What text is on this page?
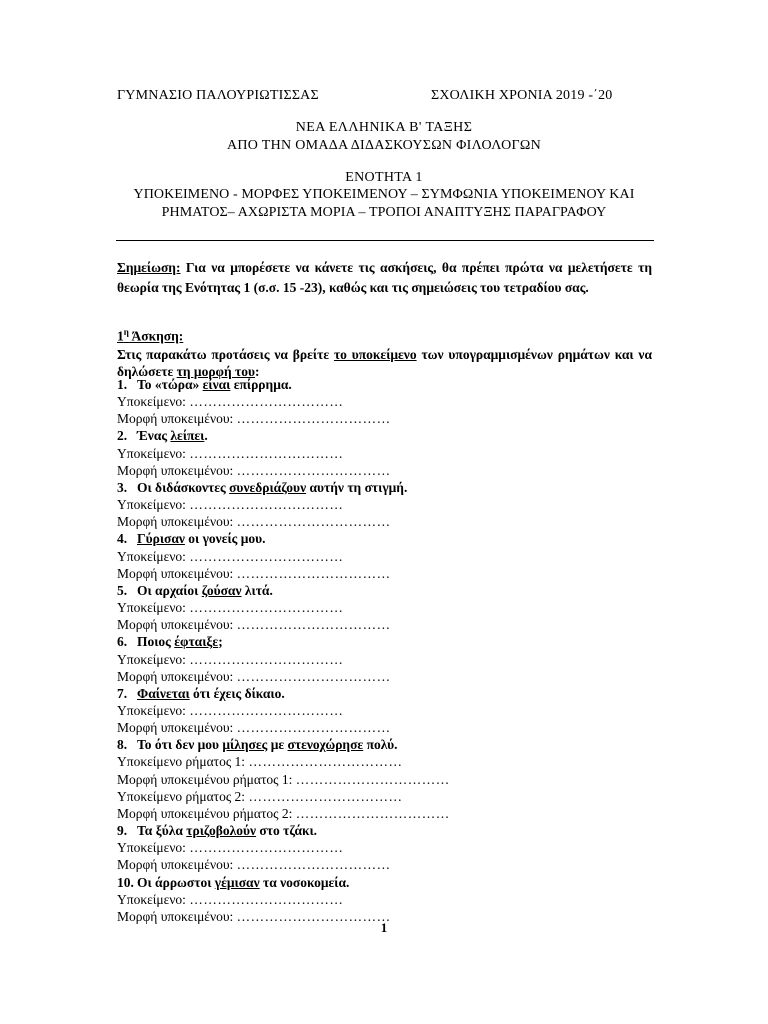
ΓΥΜΝΑΣΙΟ ΠΑΛΟΥΡΙΩΤΙΣΣΑΣ	ΣΧΟΛΙΚΗ ΧΡΟΝΙΑ 2019 -΄20
ΝΕΑ ΕΛΛΗΝΙΚΑ Β' ΤΑΞΗΣ
ΑΠΟ ΤΗΝ ΟΜΑΔΑ ΔΙΔΑΣΚΟΥΣΩΝ ΦΙΛΟΛΟΓΩΝ
ΕΝΟΤΗΤΑ 1
ΥΠΟΚΕΙΜΕΝΟ - ΜΟΡΦΕΣ ΥΠΟΚΕΙΜΕΝΟΥ – ΣΥΜΦΩΝΙΑ ΥΠΟΚΕΙΜΕΝΟΥ ΚΑΙ ΡΗΜΑΤΟΣ– ΑΧΩΡΙΣΤΑ ΜΟΡΙΑ – ΤΡΟΠΟΙ ΑΝΑΠΤΥΞΗΣ ΠΑΡΑΓΡΑΦΟΥ
Σημείωση: Για να μπορέσετε να κάνετε τις ασκήσεις, θα πρέπει πρώτα να μελετήσετε τη θεωρία της Ενότητας 1 (σ.σ. 15 -23), καθώς και τις σημειώσεις του τετραδίου σας.
$1^\eta$ Άσκηση:
Στις παρακάτω προτάσεις να βρείτε το υποκείμενο των υπογραμμισμένων ρημάτων και να δηλώσετε τη μορφή του:
1. Το «τώρα» είναι επίρρημα.
Υποκείμενο: ……………………………
Μορφή υποκειμένου: ……………………………
2. Ένας λείπει.
Υποκείμενο: ……………………………
Μορφή υποκειμένου: ……………………………
3. Οι διδάσκοντες συνεδριάζουν αυτήν τη στιγμή.
Υποκείμενο: ……………………………
Μορφή υποκειμένου: ……………………………
4. Γύρισαν οι γονείς μου.
Υποκείμενο: ……………………………
Μορφή υποκειμένου: ……………………………
5. Οι αρχαίοι ζούσαν λιτά.
Υποκείμενο: ……………………………
Μορφή υποκειμένου: ……………………………
6. Ποιος έφταιξε;
Υποκείμενο: ……………………………
Μορφή υποκειμένου: ……………………………
7. Φαίνεται ότι έχεις δίκαιο.
Υποκείμενο: ……………………………
Μορφή υποκειμένου: ……………………………
8. Το ότι δεν μου μίλησες με στενοχώρησε πολύ.
Υποκείμενο ρήματος 1: ……………………………
Μορφή υποκειμένου ρήματος 1: ……………………………
Υποκείμενο ρήματος 2: ……………………………
Μορφή υποκειμένου ρήματος 2: ……………………………
9. Τα ξύλα τριζοβολούν στο τζάκι.
Υποκείμενο: ……………………………
Μορφή υποκειμένου: ……………………………
10. Οι άρρωστοι γέμισαν τα νοσοκομεία.
Υποκείμενο: ……………………………
Μορφή υποκειμένου: ……………………………
1
